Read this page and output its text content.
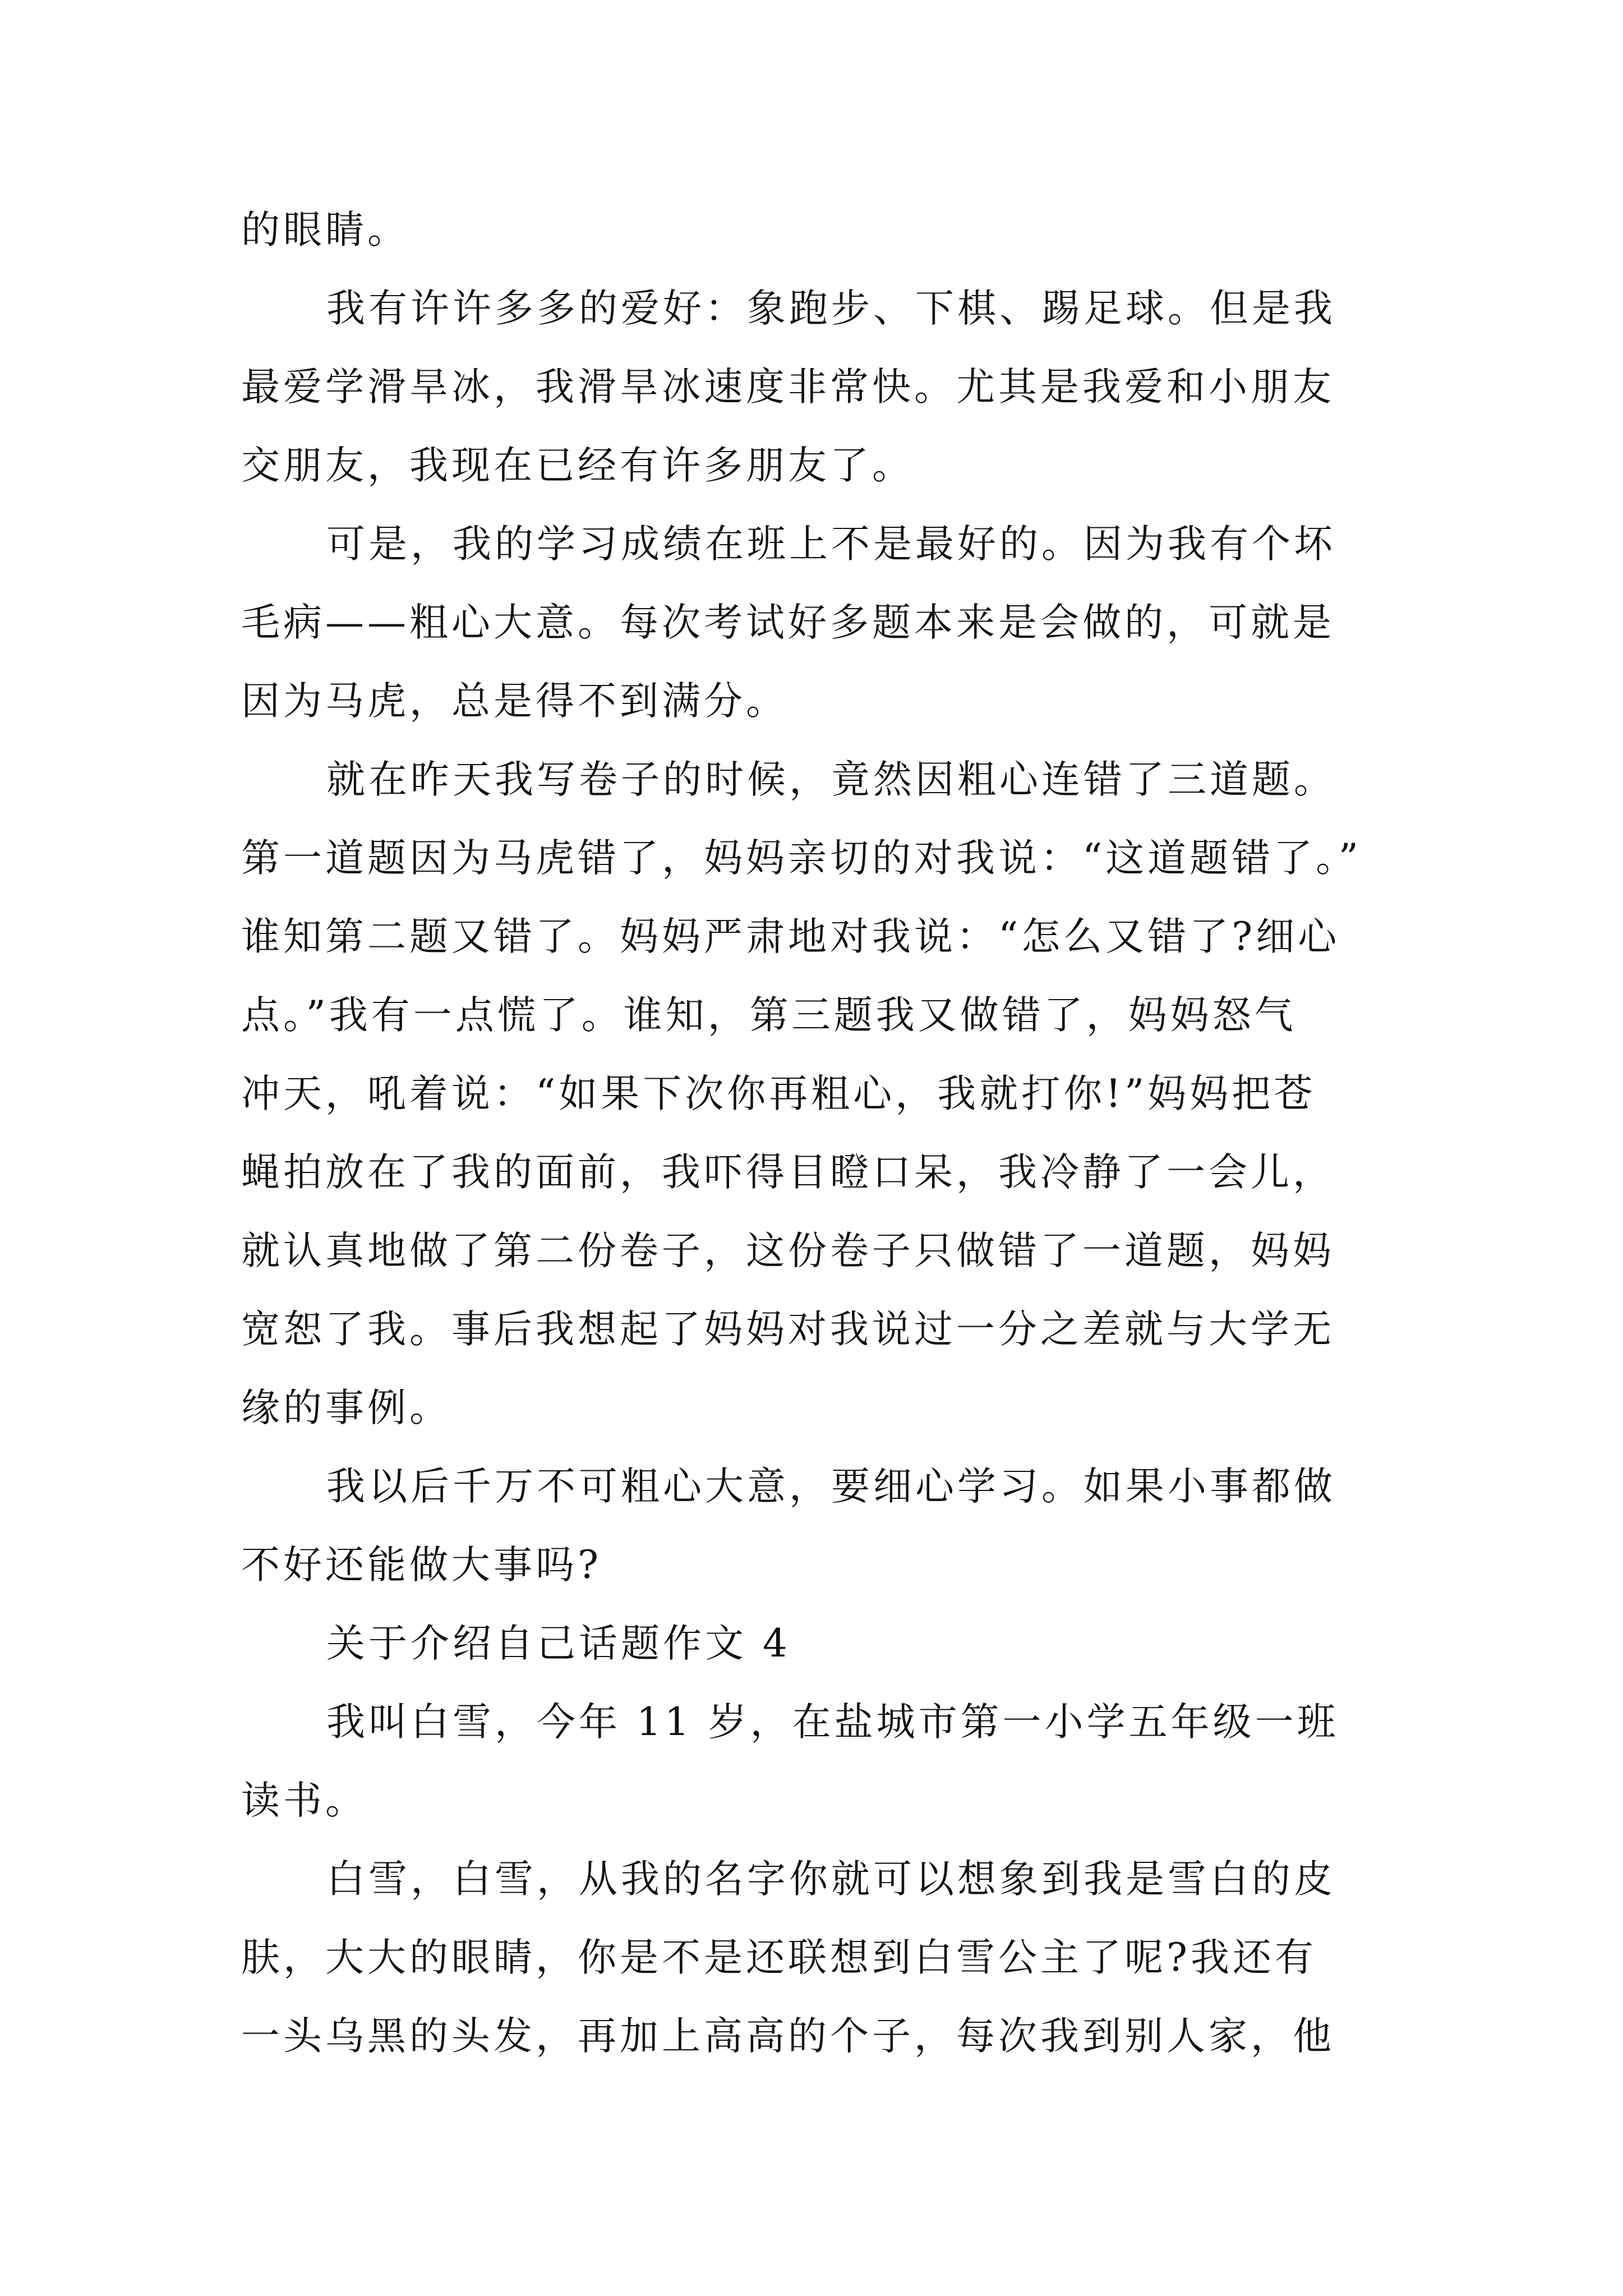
的眼睛。
我有许许多多的爱好：象跑步、下棋、踢足球。但是我
最爱学滑旱冰，我滑旱冰速度非常快。尤其是我爱和小朋友
交朋友，我现在已经有许多朋友了。
可是，我的学习成绩在班上不是最好的。因为我有个坏
毛病——粗心大意。每次考试好多题本来是会做的，可就是
因为马虎，总是得不到满分。
就在昨天我写卷子的时候，竟然因粗心连错了三道题。
第一道题因为马虎错了，妈妈亲切的对我说：“这道题错了。”
谁知第二题又错了。妈妈严肃地对我说：“怎么又错了?细心
点。”我有一点慌了。谁知，第三题我又做错了，妈妈怒气
冲天，吼着说：“如果下次你再粗心，我就打你!”妈妈把苍
蝇拍放在了我的面前，我吓得目瞪口呆，我冷静了一会儿，
就认真地做了第二份卷子，这份卷子只做错了一道题，妈妈
宽恕了我。事后我想起了妈妈对我说过一分之差就与大学无
缘的事例。
我以后千万不可粗心大意，要细心学习。如果小事都做
不好还能做大事吗?
关于介绍自己话题作文 4
我叫白雪，今年 11 岁，在盐城市第一小学五年级一班
读书。
白雪，白雪，从我的名字你就可以想象到我是雪白的皮
肤，大大的眼睛，你是不是还联想到白雪公主了呢?我还有
一头乌黑的头发，再加上高高的个子，每次我到别人家，他
